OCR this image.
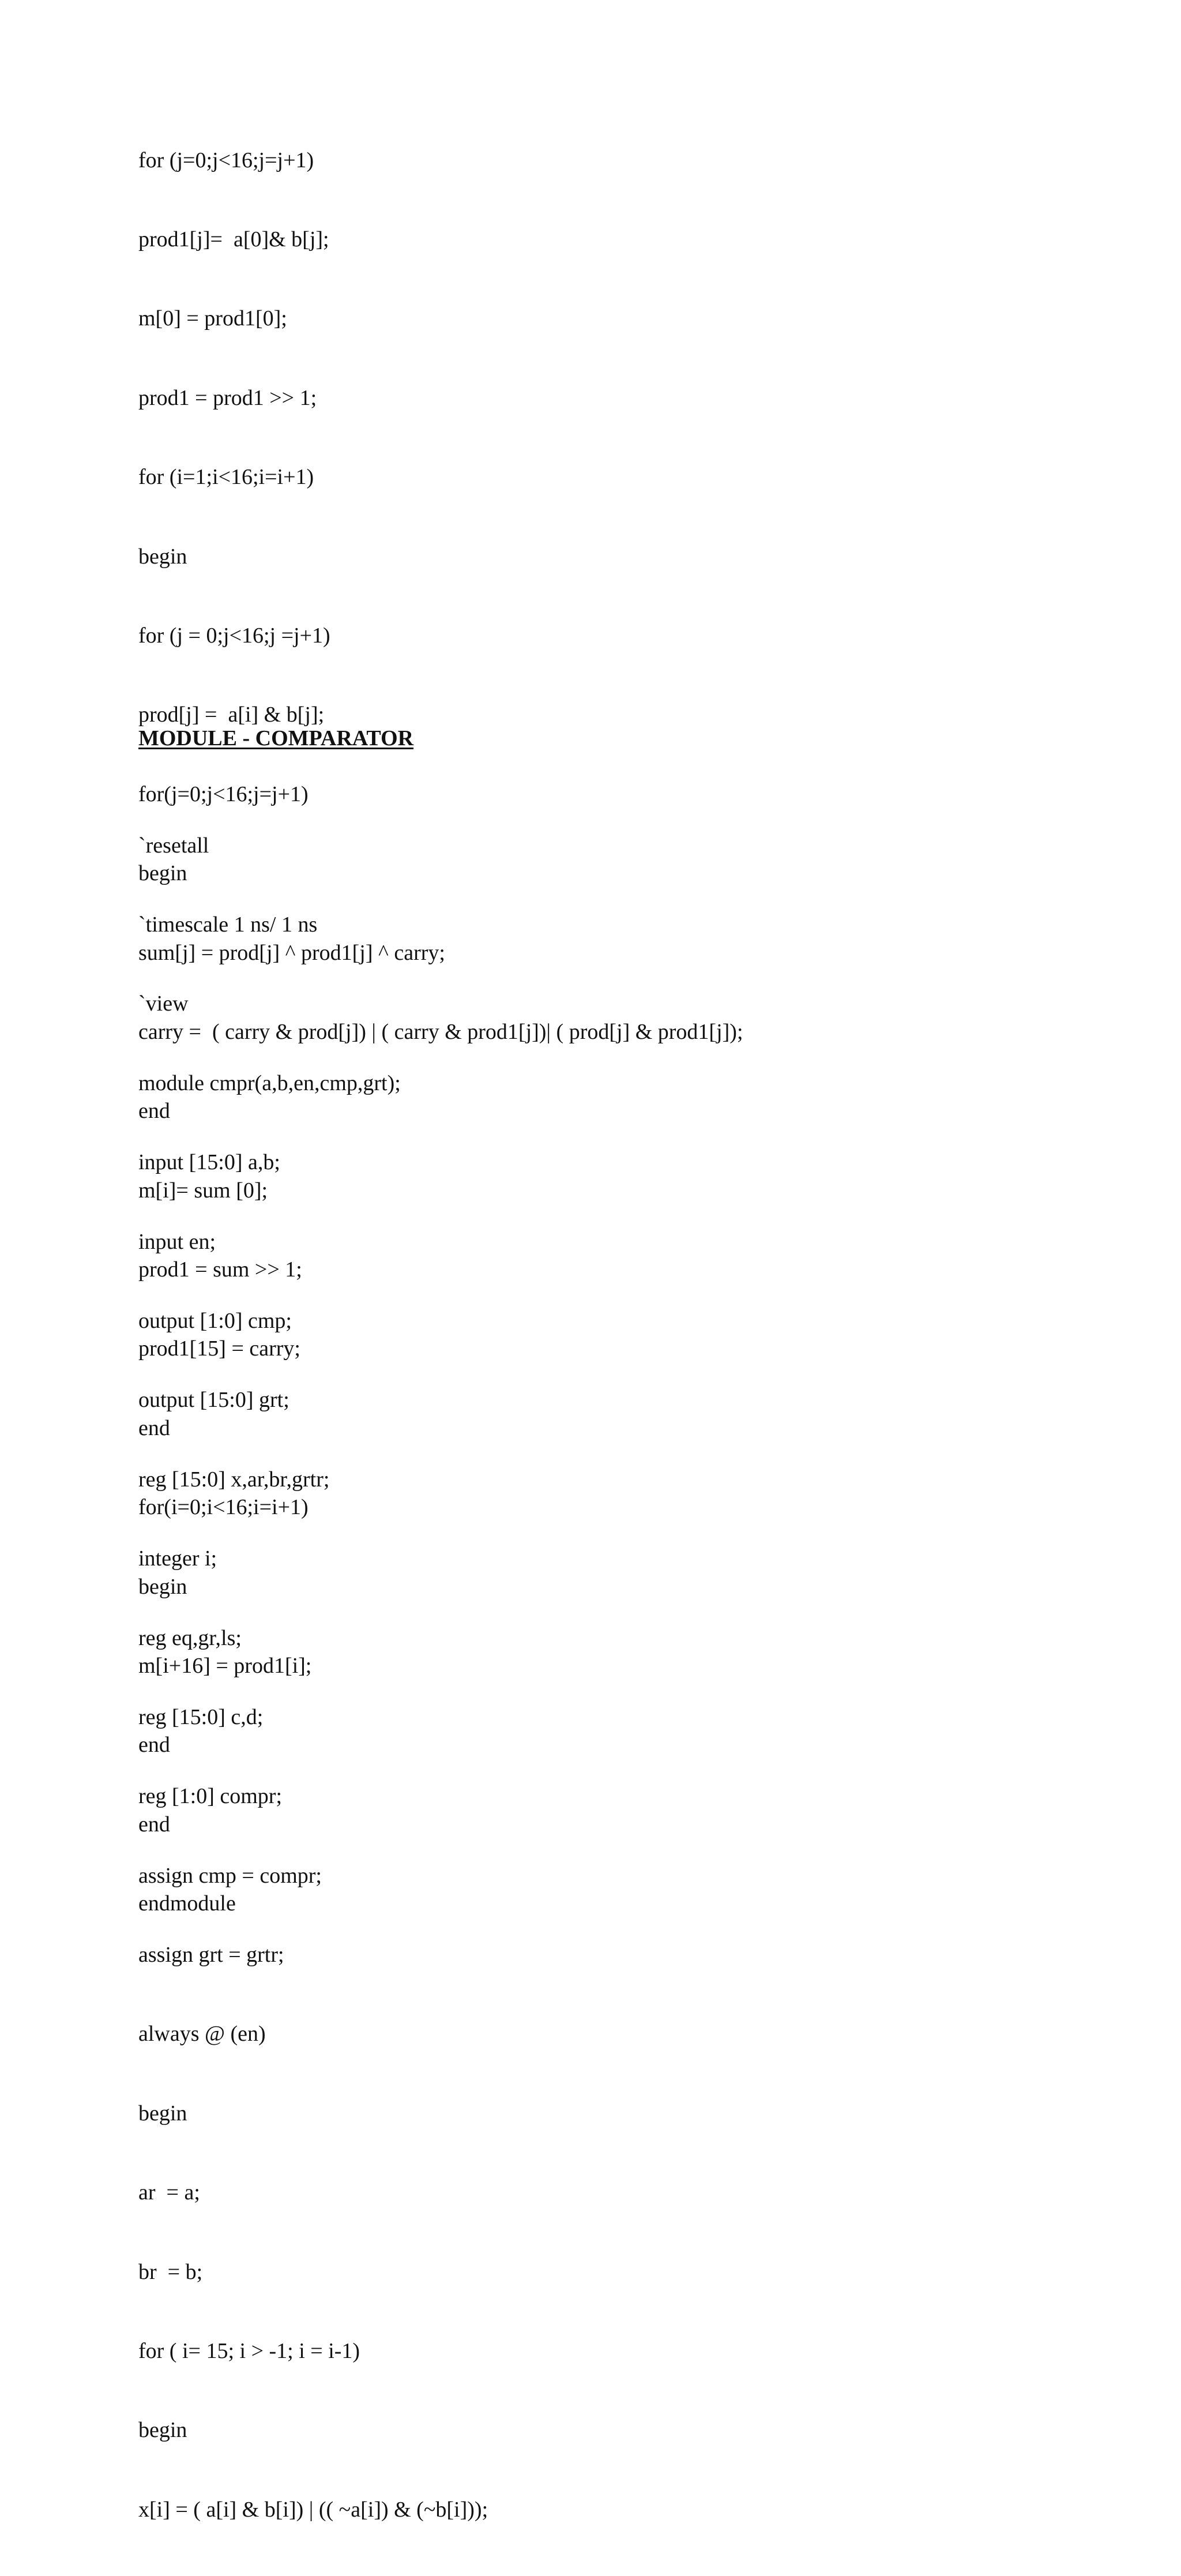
for (j=0;j<16;j=j+1)

prod1[j]=  a[0]& b[j];

m[0] = prod1[0];

prod1 = prod1 >> 1;

for (i=1;i<16;i=i+1)

begin

for (j = 0;j<16;j =j+1)

prod[j] =  a[i] & b[j];

for(j=0;j<16;j=j+1)

begin

sum[j] = prod[j] ^ prod1[j] ^ carry;

carry =  ( carry & prod[j]) | ( carry & prod1[j])| ( prod[j] & prod1[j]);

end

m[i]= sum [0];

prod1 = sum >> 1;

prod1[15] = carry;

end

for(i=0;i<16;i=i+1)

begin

m[i+16] = prod1[i];

end

end

endmodule

MODULE - COMPARATOR

`resetall

`timescale 1 ns/ 1 ns

`view

module cmpr(a,b,en,cmp,grt);

input [15:0] a,b;

input en;

output [1:0] cmp;

output [15:0] grt;

reg [15:0] x,ar,br,grtr;

integer i;

reg eq,gr,ls;

reg [15:0] c,d;

reg [1:0] compr;

assign cmp = compr;

assign grt = grtr;

always @ (en)

begin

ar  = a;

br  = b;

for ( i= 15; i > -1; i = i-1)

begin

x[i] = ( a[i] & b[i]) | (( ~a[i]) & (~b[i]));
